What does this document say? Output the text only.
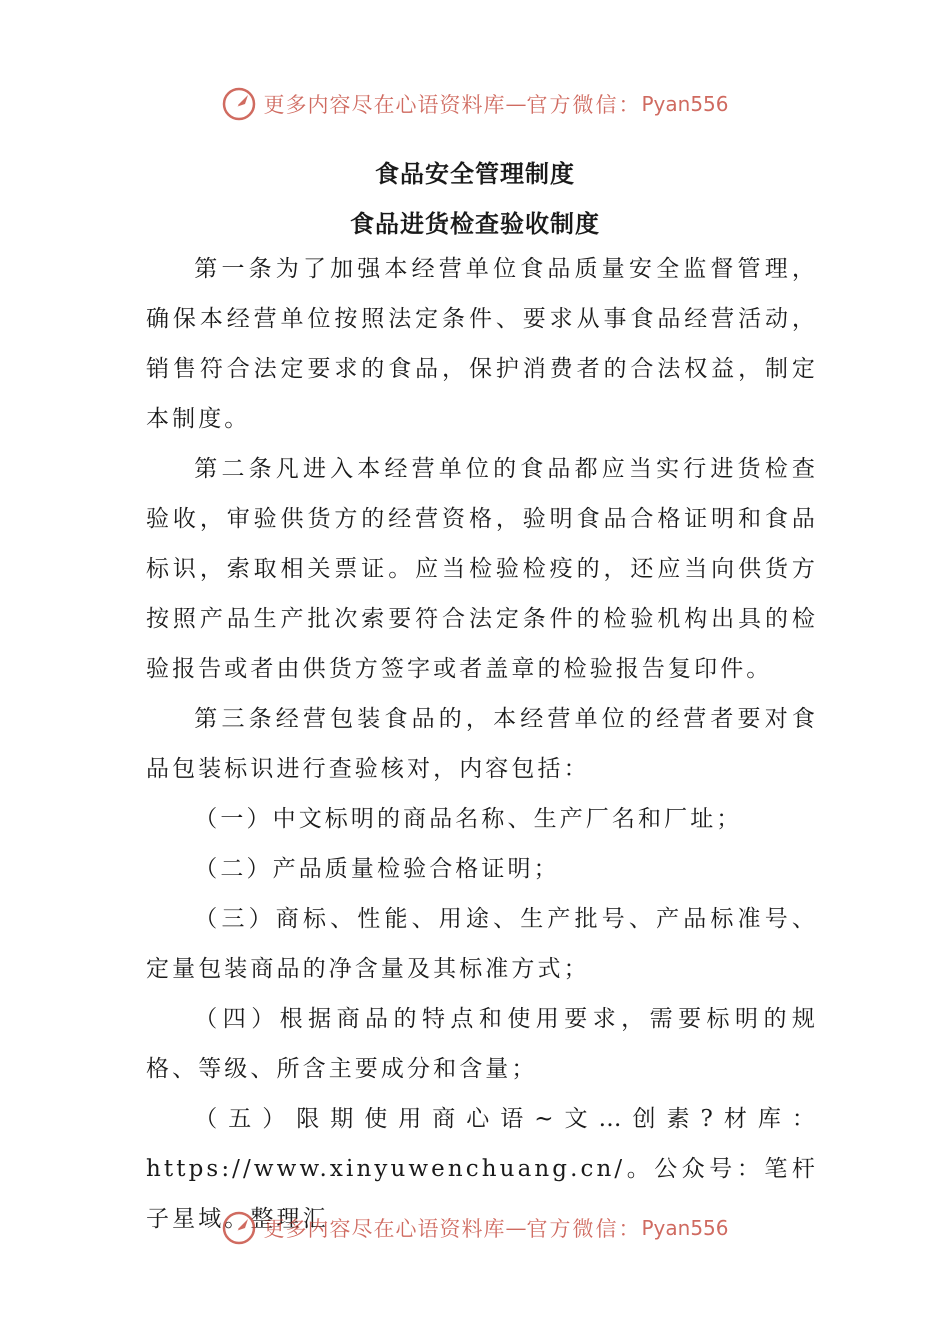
更多内容尽在心语资料库 — 官方微信： Pyan556
食品安全管理制度
食品进货检查验收制度

第一条为了加强本经营单位食品质量安全监督管理，确保本经营单位按照法定条件、要求从事食品经营活动，销售符合法定要求的食品，保护消费者的合法权益，制定本制度。

第二条凡进入本经营单位的食品都应当实行进货检查验收，审验供货方的经营资格，验明食品合格证明和食品标识，索取相关票证。应当检验检疫的，还应当向供货方按照产品生产批次索要符合法定条件的检验机构出具的检验报告或者由供货方签字或者盖章的检验报告复印件。

第三条经营包装食品的，本经营单位的经营者要对食品包装标识进行查验核对，内容包括：

（一）中文标明的商品名称、生产厂名和厂址；

（二）产品质量检验合格证明；

（三）商标、性能、用途、生产批号、产品标准号、定量包装商品的净含量及其标准方式；

（四）根据商品的特点和使用要求，需要标明的规格、等级、所含主要成分和含量；

（五）限期使用商心语~文…创素?材库：https://www.xinyuwenchuang.cn/。公众号：笔杆子星域。整理汇

更多内容尽在心语资料库 — 官方微信： Pyan556
